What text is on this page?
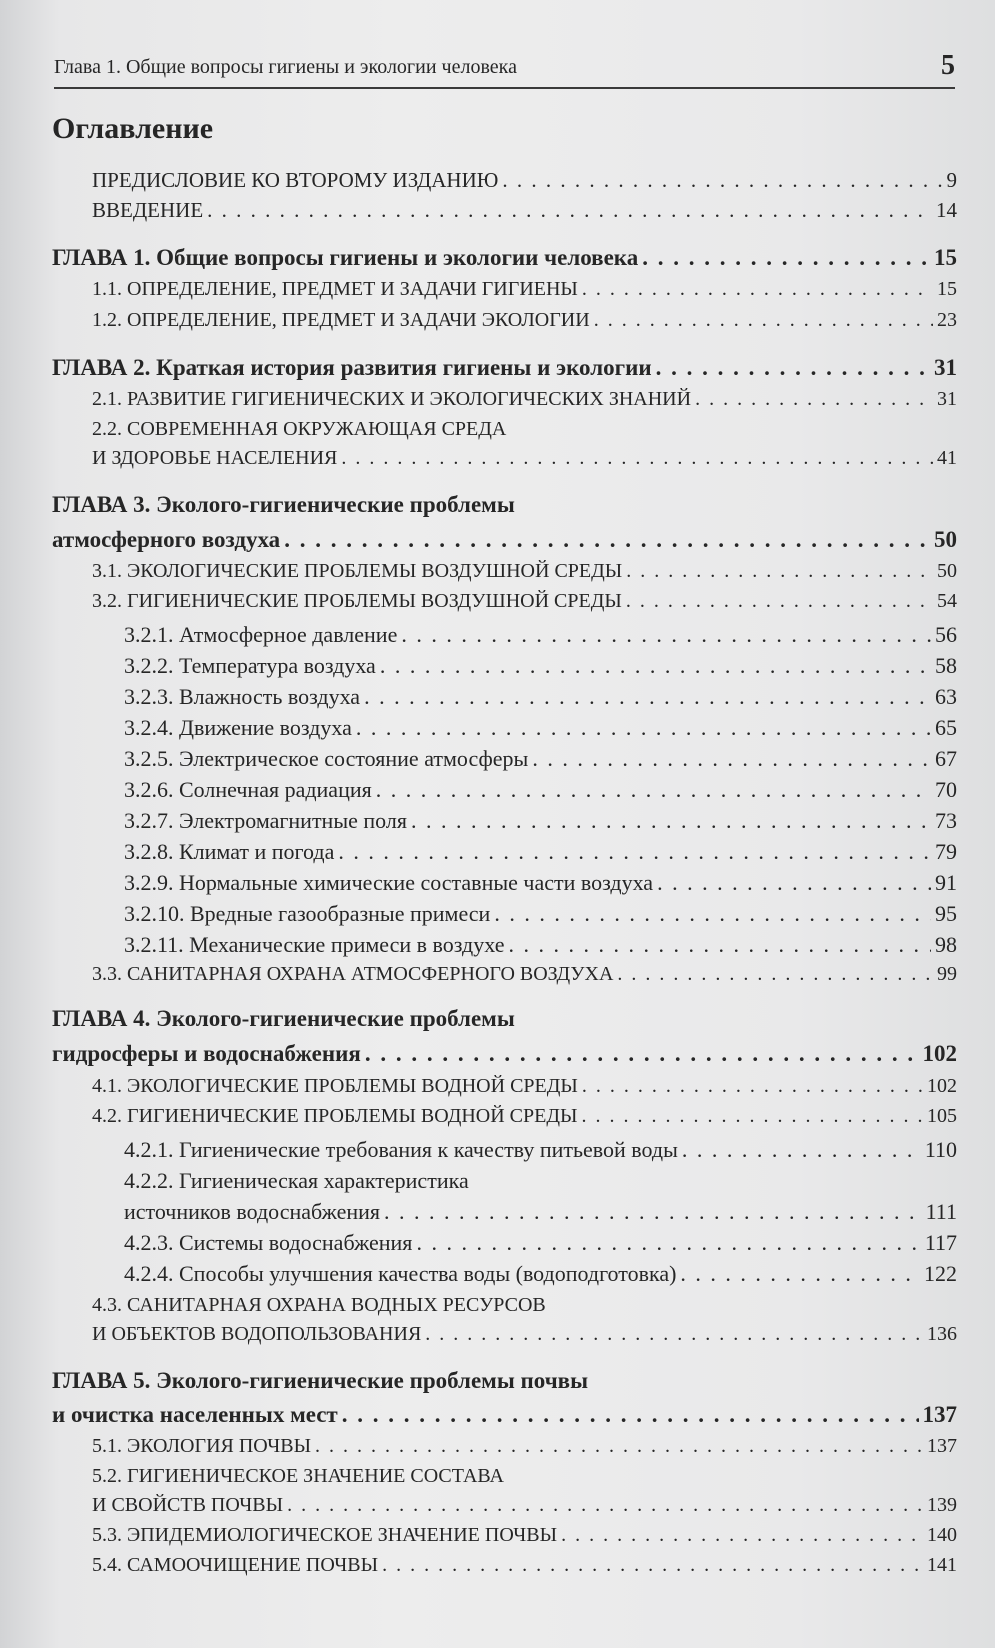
Глава 1. Общие вопросы гигиены и экологии человека	5
Оглавление
ПРЕДИСЛОВИЕ КО ВТОРОМУ ИЗДАНИЮ . . .	9
ВВЕДЕНИЕ . . .	14
ГЛАВА 1. Общие вопросы гигиены и экологии человека . . .	15
1.1. ОПРЕДЕЛЕНИЕ, ПРЕДМЕТ И ЗАДАЧИ ГИГИЕНЫ . . .	15
1.2. ОПРЕДЕЛЕНИЕ, ПРЕДМЕТ И ЗАДАЧИ ЭКОЛОГИИ . . .	23
ГЛАВА 2. Краткая история развития гигиены и экологии . . .	31
2.1. РАЗВИТИЕ ГИГИЕНИЧЕСКИХ И ЭКОЛОГИЧЕСКИХ ЗНАНИЙ . . .	31
2.2. СОВРЕМЕННАЯ ОКРУЖАЮЩАЯ СРЕДА
И ЗДОРОВЬЕ НАСЕЛЕНИЯ . . .	41
ГЛАВА 3. Эколого-гигиенические проблемы
атмосферного воздуха . . .	50
3.1. ЭКОЛОГИЧЕСКИЕ ПРОБЛЕМЫ ВОЗДУШНОЙ СРЕДЫ . . .	50
3.2. ГИГИЕНИЧЕСКИЕ ПРОБЛЕМЫ ВОЗДУШНОЙ СРЕДЫ . . .	54
3.2.1. Атмосферное давление . . .	56
3.2.2. Температура воздуха . . .	58
3.2.3. Влажность воздуха . . .	63
3.2.4. Движение воздуха . . .	65
3.2.5. Электрическое состояние атмосферы . . .	67
3.2.6. Солнечная радиация . . .	70
3.2.7. Электромагнитные поля . . .	73
3.2.8. Климат и погода . . .	79
3.2.9. Нормальные химические составные части воздуха . . .	91
3.2.10. Вредные газообразные примеси . . .	95
3.2.11. Механические примеси в воздухе . . .	98
3.3. САНИТАРНАЯ ОХРАНА АТМОСФЕРНОГО ВОЗДУХА . . .	99
ГЛАВА 4. Эколого-гигиенические проблемы
гидросферы и водоснабжения . . .	102
4.1. ЭКОЛОГИЧЕСКИЕ ПРОБЛЕМЫ ВОДНОЙ СРЕДЫ . . .	102
4.2. ГИГИЕНИЧЕСКИЕ ПРОБЛЕМЫ ВОДНОЙ СРЕДЫ . . .	105
4.2.1. Гигиенические требования к качеству питьевой воды . . .	110
4.2.2. Гигиеническая характеристика
источников водоснабжения . . .	111
4.2.3. Системы водоснабжения . . .	117
4.2.4. Способы улучшения качества воды (водоподготовка) . . .	122
4.3. САНИТАРНАЯ ОХРАНА ВОДНЫХ РЕСУРСОВ
И ОБЪЕКТОВ ВОДОПОЛЬЗОВАНИЯ . . .	136
ГЛАВА 5. Эколого-гигиенические проблемы почвы
и очистка населенных мест . . .	137
5.1. ЭКОЛОГИЯ ПОЧВЫ . . .	137
5.2. ГИГИЕНИЧЕСКОЕ ЗНАЧЕНИЕ СОСТАВА
И СВОЙСТВ ПОЧВЫ . . .	139
5.3. ЭПИДЕМИОЛОГИЧЕСКОЕ ЗНАЧЕНИЕ ПОЧВЫ . . .	140
5.4. САМООЧИЩЕНИЕ ПОЧВЫ . . .	141
